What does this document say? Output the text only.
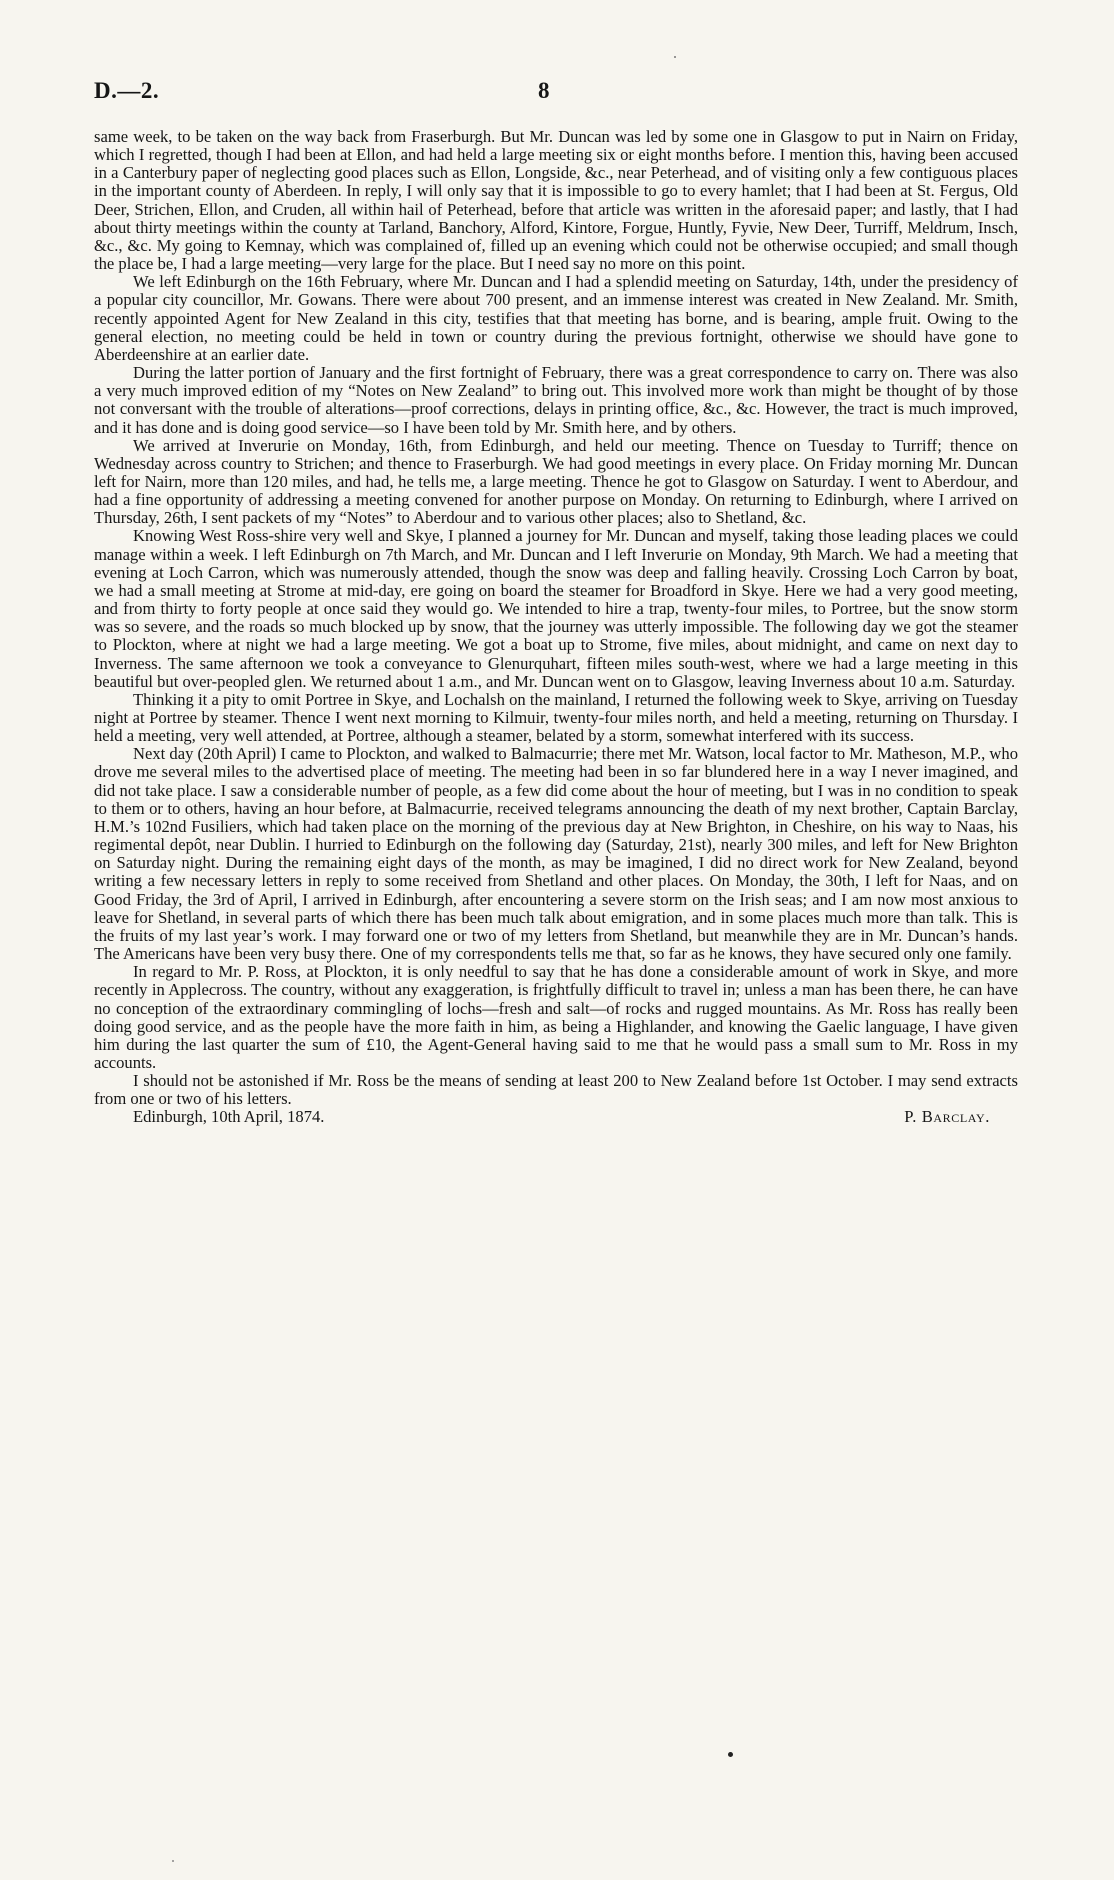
D.—2.	8

same week, to be taken on the way back from Fraserburgh. But Mr. Duncan was led by some one in Glasgow to put in Nairn on Friday, which I regretted, though I had been at Ellon, and had held a large meeting six or eight months before. I mention this, having been accused in a Canterbury paper of neglecting good places such as Ellon, Longside, &c., near Peterhead, and of visiting only a few contiguous places in the important county of Aberdeen. In reply, I will only say that it is impossible to go to every hamlet; that I had been at St. Fergus, Old Deer, Strichen, Ellon, and Cruden, all within hail of Peterhead, before that article was written in the aforesaid paper; and lastly, that I had about thirty meetings within the county at Tarland, Banchory, Alford, Kintore, Forgue, Huntly, Fyvie, New Deer, Turriff, Meldrum, Insch, &c., &c. My going to Kemnay, which was complained of, filled up an evening which could not be otherwise occupied; and small though the place be, I had a large meeting—very large for the place. But I need say no more on this point.

We left Edinburgh on the 16th February, where Mr. Duncan and I had a splendid meeting on Saturday, 14th, under the presidency of a popular city councillor, Mr. Gowans. There were about 700 present, and an immense interest was created in New Zealand. Mr. Smith, recently appointed Agent for New Zealand in this city, testifies that that meeting has borne, and is bearing, ample fruit. Owing to the general election, no meeting could be held in town or country during the previous fortnight, otherwise we should have gone to Aberdeenshire at an earlier date.

During the latter portion of January and the first fortnight of February, there was a great correspondence to carry on. There was also a very much improved edition of my “Notes on New Zealand” to bring out. This involved more work than might be thought of by those not conversant with the trouble of alterations—proof corrections, delays in printing office, &c., &c. However, the tract is much improved, and it has done and is doing good service—so I have been told by Mr. Smith here, and by others.

We arrived at Inverurie on Monday, 16th, from Edinburgh, and held our meeting. Thence on Tuesday to Turriff; thence on Wednesday across country to Strichen; and thence to Fraserburgh. We had good meetings in every place. On Friday morning Mr. Duncan left for Nairn, more than 120 miles, and had, he tells me, a large meeting. Thence he got to Glasgow on Saturday. I went to Aberdour, and had a fine opportunity of addressing a meeting convened for another purpose on Monday. On returning to Edinburgh, where I arrived on Thursday, 26th, I sent packets of my “Notes” to Aberdour and to various other places; also to Shetland, &c.

Knowing West Ross-shire very well and Skye, I planned a journey for Mr. Duncan and myself, taking those leading places we could manage within a week. I left Edinburgh on 7th March, and Mr. Duncan and I left Inverurie on Monday, 9th March. We had a meeting that evening at Loch Carron, which was numerously attended, though the snow was deep and falling heavily. Crossing Loch Carron by boat, we had a small meeting at Strome at mid-day, ere going on board the steamer for Broadford in Skye. Here we had a very good meeting, and from thirty to forty people at once said they would go. We intended to hire a trap, twenty-four miles, to Portree, but the snow storm was so severe, and the roads so much blocked up by snow, that the journey was utterly impossible. The following day we got the steamer to Plockton, where at night we had a large meeting. We got a boat up to Strome, five miles, about midnight, and came on next day to Inverness. The same afternoon we took a conveyance to Glenurquhart, fifteen miles south-west, where we had a large meeting in this beautiful but over-peopled glen. We returned about 1 a.m., and Mr. Duncan went on to Glasgow, leaving Inverness about 10 a.m. Saturday.

Thinking it a pity to omit Portree in Skye, and Lochalsh on the mainland, I returned the following week to Skye, arriving on Tuesday night at Portree by steamer. Thence I went next morning to Kilmuir, twenty-four miles north, and held a meeting, returning on Thursday. I held a meeting, very well attended, at Portree, although a steamer, belated by a storm, somewhat interfered with its success.

Next day (20th April) I came to Plockton, and walked to Balmacurrie; there met Mr. Watson, local factor to Mr. Matheson, M.P., who drove me several miles to the advertised place of meeting. The meeting had been in so far blundered here in a way I never imagined, and did not take place. I saw a considerable number of people, as a few did come about the hour of meeting, but I was in no condition to speak to them or to others, having an hour before, at Balmacurrie, received telegrams announcing the death of my next brother, Captain Barclay, H.M.’s 102nd Fusiliers, which had taken place on the morning of the previous day at New Brighton, in Cheshire, on his way to Naas, his regimental depôt, near Dublin. I hurried to Edinburgh on the following day (Saturday, 21st), nearly 300 miles, and left for New Brighton on Saturday night. During the remaining eight days of the month, as may be imagined, I did no direct work for New Zealand, beyond writing a few necessary letters in reply to some received from Shetland and other places. On Monday, the 30th, I left for Naas, and on Good Friday, the 3rd of April, I arrived in Edinburgh, after encountering a severe storm on the Irish seas; and I am now most anxious to leave for Shetland, in several parts of which there has been much talk about emigration, and in some places much more than talk. This is the fruits of my last year’s work. I may forward one or two of my letters from Shetland, but meanwhile they are in Mr. Duncan’s hands. The Americans have been very busy there. One of my correspondents tells me that, so far as he knows, they have secured only one family.

In regard to Mr. P. Ross, at Plockton, it is only needful to say that he has done a considerable amount of work in Skye, and more recently in Applecross. The country, without any exaggeration, is frightfully difficult to travel in; unless a man has been there, he can have no conception of the extraordinary commingling of lochs—fresh and salt—of rocks and rugged mountains. As Mr. Ross has really been doing good service, and as the people have the more faith in him, as being a Highlander, and knowing the Gaelic language, I have given him during the last quarter the sum of £10, the Agent-General having said to me that he would pass a small sum to Mr. Ross in my accounts.

I should not be astonished if Mr. Ross be the means of sending at least 200 to New Zealand before 1st October. I may send extracts from one or two of his letters.

Edinburgh, 10th April, 1874.	P. Barclay.
